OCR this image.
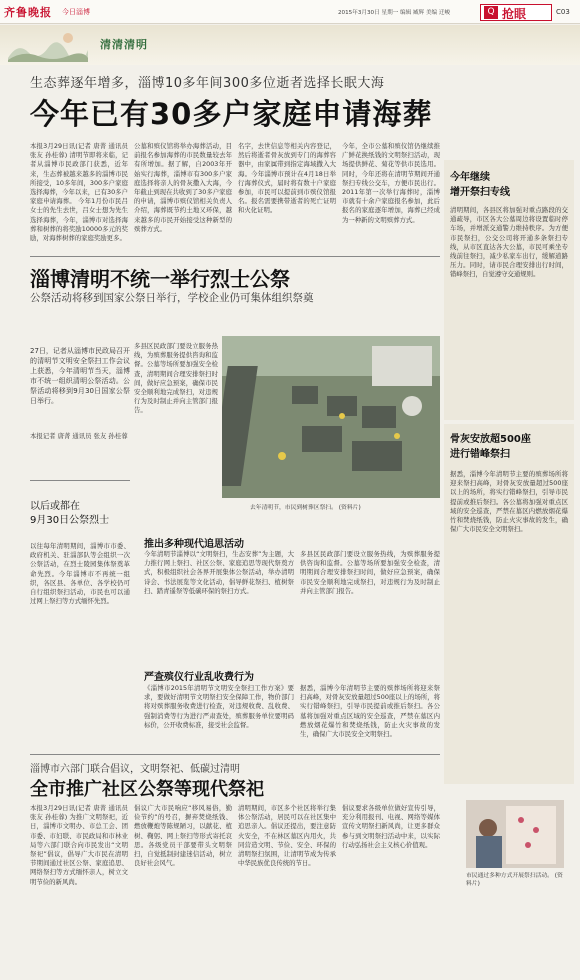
齐鲁晚报 今日淄博	2015年3月30日 星期一 编辑 臧辉 美编 迁峻	Q 抢眼	C03
清清清明
生态葬逐年增多，淄博10多年间300多位逝者选择长眠大海
今年已有30多户家庭申请海葬
本报3月29日讯(记者 唐菁 通讯员 张友 孙桂蓉) 清明节即将来临，记者从淄博市民政部门获悉，近年来，生态葬被越来越多的淄博市民所接受，10多年间，300多户家庭选择海葬，今年以来，已有30多户家庭申请海葬。 今年1月份市民吕女士的先生去世，吕女士想为先生选择海葬，今年，淄博市对选择海葬和树葬的将奖励10000多元的奖励，对海葬树葬的家庭奖励更多。
公墓和殡仪馆将举办海葬活动，目前报名参加海葬的市民数量较去年有所增加。据了解，自2003年开始实行海葬，淄博市有300多户家庭选择将亲人的骨灰撒入大海，今年截止到现在共收到了30多户家庭的申请，淄博市殡仪馆相关负责人介绍，海葬既节约土地又环保，越来越多的市民开始接受这种新型的殡葬方式。
名字，去世信息等相关内容登记，然后将逝者骨灰放到专门的海葬容器中，由家属带到指定海域撒入大海。今年淄博市预计在4月18日举行海葬仪式，届时将有数十户家庭参加，市民可以提前到市殡仪馆报名。报名需要携带逝者的死亡证明和火化证明。
今年，全市公墓和殡仪馆仍继续推广鲜花换纸钱的文明祭扫活动，现场提供鲜花、菊花等供市民选用。同时，今年还将在清明节期间开通祭扫专线公交车，方便市民出行。2011年第一次举行海葬时，淄博市就有十余户家庭报名参加，此后报名的家庭逐年增加，海葬已经成为一种新的文明殡葬方式。
今年继续
增开祭扫专线
清明期间，各县区将加强对重点路段的交通疏导，市区各大公墓周边将设置临时停车场，并增派交通警力维持秩序。为方便市民祭扫，公交公司将开通多条祭扫专线，从市区直达各大公墓，市民可乘坐专线前往祭扫，减少私家车出行，缓解道路压力。同时，请市民合理安排出行时间，错峰祭扫，自觉遵守交通规则。
淄博清明不统一举行烈士公祭
公祭活动将移到国家公祭日举行，学校企业仍可集体组织祭奠
27日，记者从淄博市民政局召开的清明节文明安全祭扫工作会议上获悉，今年清明节当天，淄博市不统一组织清明公祭活动。公祭活动将移到9月30日国家公祭日举行。
本报记者 唐菁 通讯员 张友 孙桂蓉
以后或都在
9月30日公祭烈士
以往每年清明期间，淄博市市委、政府机关、驻淄部队等会组织一次公祭活动，在烈士陵园集体祭奠革命先烈。今年淄博市不再统一组织，各区县、各单位、各学校仍可自行组织祭扫活动，市民也可以通过网上祭扫等方式缅怀先烈。
多县区民政部门要设立服务热线，为殡葬服务提供咨询和监督。公墓等场所要加强安全检查，清明期间合理安排祭扫时间，做好应急预案，确保市民安全顺利地完成祭扫，对违规行为及时制止并向主管部门报告。
去年清明节，市民到树葬区祭扫。 (资料片)
骨灰安放超500座
进行错峰祭扫
据悉，淄博今年清明节主要的殡葬场所将迎来祭扫高峰，对骨灰安放量超过500座以上的场所，将实行错峰祭扫，引导市民提前或推后祭扫。各公墓将加强对重点区域的安全巡查，严禁在墓区内燃放烟花爆竹和焚烧纸钱，防止火灾事故的发生，确保广大市民安全文明祭扫。
推出多种现代追思活动
今年清明节淄博以“文明祭扫，生态安葬”为主题，大力推行网上祭扫、社区公祭、家庭追思等现代祭奠方式，积极组织社会各界开展集体公祭活动，举办清明诗会、书法展览等文化活动，倡导鲜花祭扫、植树祭扫、踏青遥祭等低碳环保的祭扫方式。
多县区民政部门要设立服务热线，为殡葬服务提供咨询和监督。公墓等场所要加强安全检查，清明期间合理安排祭扫时间，做好应急预案，确保市民安全顺利地完成祭扫，对违规行为及时制止并向主管部门报告。
严查殡仪行业乱收费行为
《淄博市2015年清明节文明安全祭扫工作方案》要求，要做好清明节文明祭扫安全保障工作，物价部门将对殡葬服务收费进行检查，对违规收费、乱收费、强制消费等行为进行严肃查处，殡葬服务单位要明码标价，公开收费标准，接受社会监督。
据悉，淄博今年清明节主要的殡葬场所将迎来祭扫高峰，对骨灰安放量超过500座以上的场所，将实行错峰祭扫，引导市民提前或推后祭扫。各公墓将加强对重点区域的安全巡查，严禁在墓区内燃放烟花爆竹和焚烧纸钱，防止火灾事故的发生，确保广大市民安全文明祭扫。
淄博市六部门联合倡议，文明祭祀、低碳过清明
全市推广社区公祭等现代祭祀
本报3月29日讯(记者 唐菁 通讯员 张友 孙桂蓉) 为推广文明祭祀，近日，淄博市文明办、市总工会、团市委、市妇联、市民政局和市林业局等六部门联合向市民发出“文明祭祀”倡议，倡导广大市民在清明节期间通过社区公祭、家庭追思、网络祭扫等方式缅怀亲人，树立文明节俭的新风尚。
倡议广大市民响应“移风易俗，勤俭节约”的号召，摒弃焚烧纸钱、燃放鞭炮等陈规陋习，以献花、植树、鞠躬、网上祭扫等形式寄托哀思。各级党员干部要带头文明祭扫，自觉抵制封建迷信活动，树立良好社会风气。
清明期间，市区多个社区将举行集体公祭活动，居民可以在社区集中追思亲人。倡议还提出，要注意防火安全，不在林区墓区内用火，共同营造文明、节俭、安全、环保的清明祭扫氛围，让清明节成为传承中华民族优良传统的节日。
倡议要求各级单位做好宣传引导，充分利用报刊、电视、网络等媒体宣传文明祭扫新风尚，让更多群众参与到文明祭扫活动中来，以实际行动弘扬社会主义核心价值观。
市民通过多种方式开展祭扫活动。 (资料片)
